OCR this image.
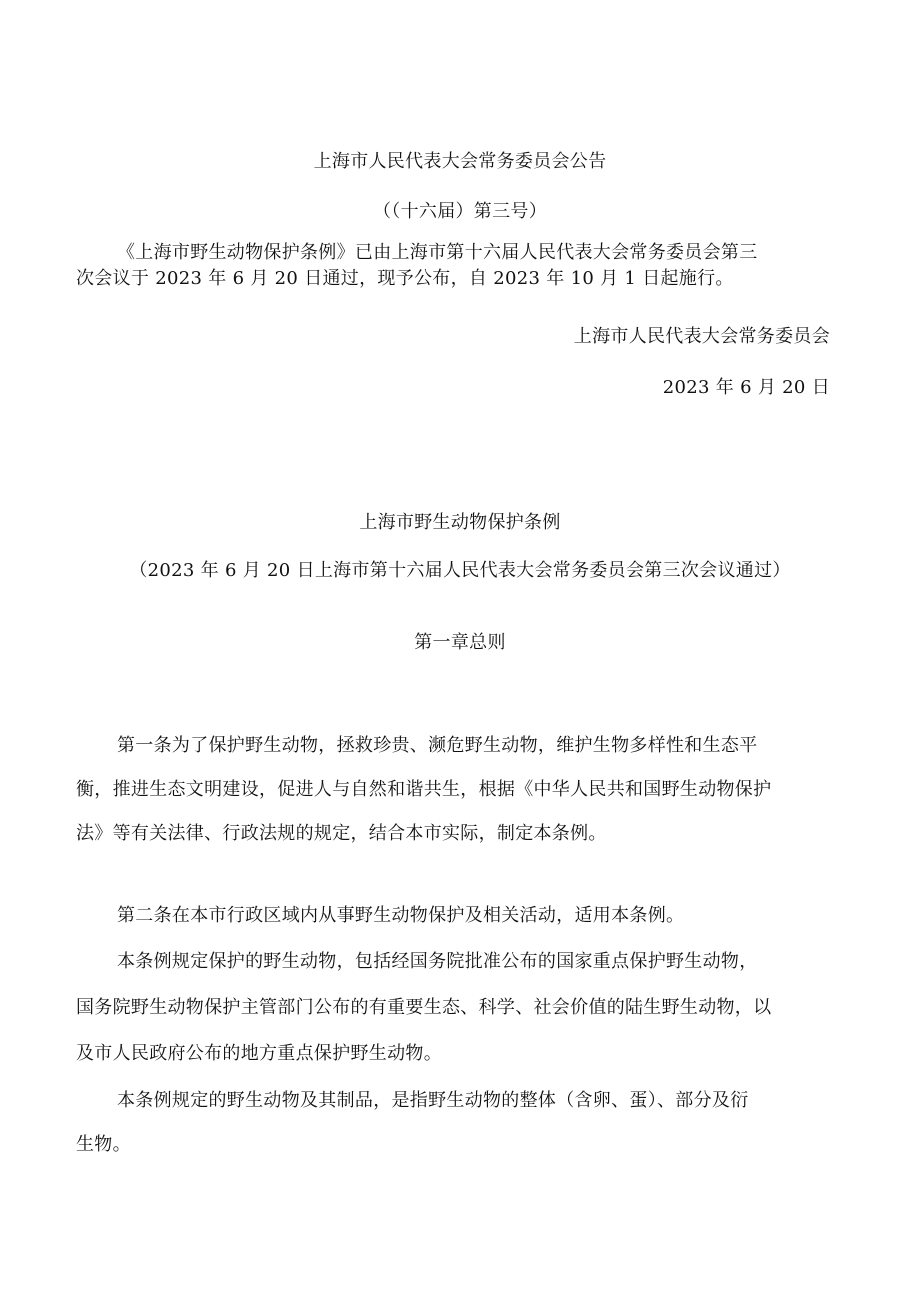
上海市人民代表大会常务委员会公告

（（十六届）第三号）

《上海市野生动物保护条例》已由上海市第十六届人民代表大会常务委员会第三

次会议于 2023 年 6 月 20 日通过，现予公布，自 2023 年 10 月 1 日起施行。

上海市人民代表大会常务委员会

2023 年 6 月 20 日

上海市野生动物保护条例

（2023 年 6 月 20 日上海市第十六届人民代表大会常务委员会第三次会议通过）

第一章总则

第一条为了保护野生动物，拯救珍贵、濒危野生动物，维护生物多样性和生态平

衡，推进生态文明建设，促进人与自然和谐共生，根据《中华人民共和国野生动物保护

法》等有关法律、行政法规的规定，结合本市实际，制定本条例。

第二条在本市行政区域内从事野生动物保护及相关活动，适用本条例。

本条例规定保护的野生动物，包括经国务院批准公布的国家重点保护野生动物，

国务院野生动物保护主管部门公布的有重要生态、科学、社会价值的陆生野生动物，以

及市人民政府公布的地方重点保护野生动物。

本条例规定的野生动物及其制品，是指野生动物的整体（含卵、蛋）、部分及衍

生物。
